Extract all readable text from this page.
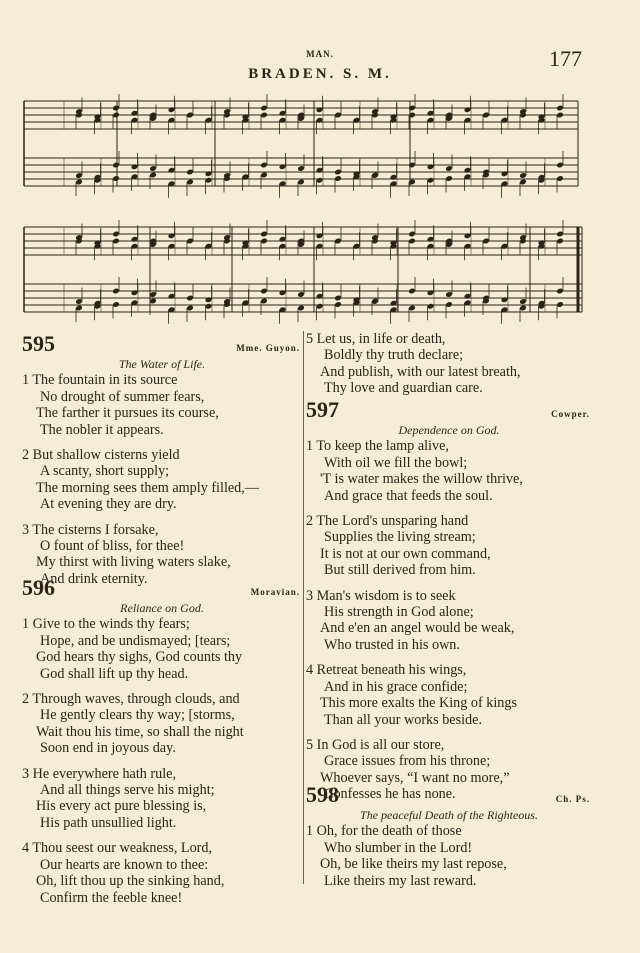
MAN.	177
BRADEN. S. M.
595	Mme. Guyon.
The Water of Life.
1 The fountain in its source
No drought of summer fears,
The farther it pursues its course,
The nobler it appears.
2 But shallow cisterns yield
A scanty, short supply;
The morning sees them amply filled,—
At evening they are dry.
3 The cisterns I forsake,
O fount of bliss, for thee!
My thirst with living waters slake,
And drink eternity.
596	Moravian.
Reliance on God.
1 Give to the winds thy fears;
Hope, and be undismayed; [tears;
God hears thy sighs, God counts thy
God shall lift up thy head.
2 Through waves, through clouds, and
He gently clears thy way; [storms,
Wait thou his time, so shall the night
Soon end in joyous day.
3 He everywhere hath rule,
And all things serve his might;
His every act pure blessing is,
His path unsullied light.
4 Thou seest our weakness, Lord,
Our hearts are known to thee:
Oh, lift thou up the sinking hand,
Confirm the feeble knee!
5 Let us, in life or death,
Boldly thy truth declare;
And publish, with our latest breath,
Thy love and guardian care.
597	Cowper.
Dependence on God.
1 To keep the lamp alive,
With oil we fill the bowl;
'T is water makes the willow thrive,
And grace that feeds the soul.
2 The Lord's unsparing hand
Supplies the living stream;
It is not at our own command,
But still derived from him.
3 Man's wisdom is to seek
His strength in God alone;
And e'en an angel would be weak,
Who trusted in his own.
4 Retreat beneath his wings,
And in his grace confide;
This more exalts the King of kings
Than all your works beside.
5 In God is all our store,
Grace issues from his throne;
Whoever says, “I want no more,”
Confesses he has none.
598	Ch. Ps.
The peaceful Death of the Righteous.
1 Oh, for the death of those
Who slumber in the Lord!
Oh, be like theirs my last repose,
Like theirs my last reward.
